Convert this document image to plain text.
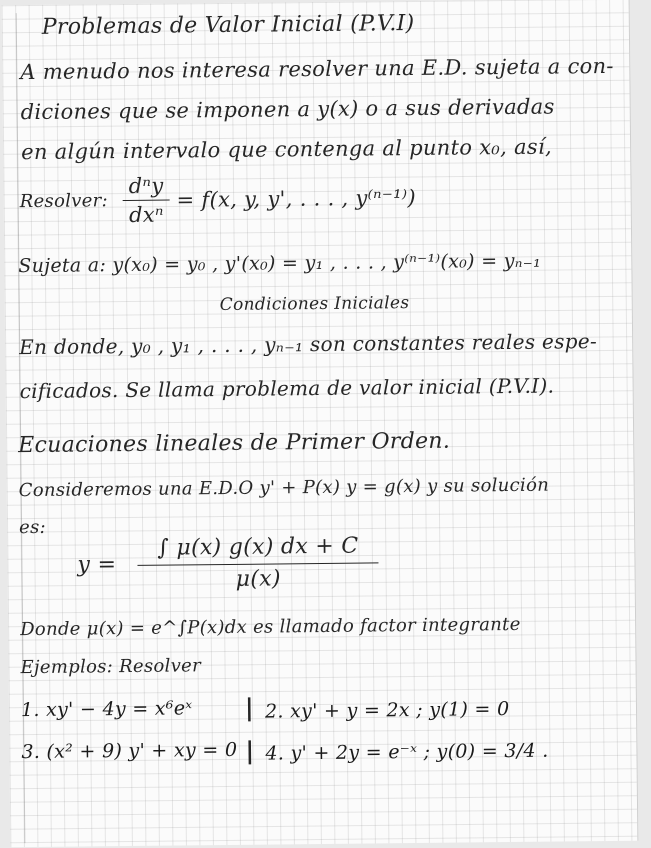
Problemas de Valor Inicial (P.V.I)
A menudo nos interesa resolver una E.D. sujeta a con-
diciones que se imponen a y(x) o a sus derivadas
en algún intervalo que contenga al punto x₀, así,
Resolver: $\frac{\text{dⁿy}}{\text{dxⁿ}} = f(x$, y, y', . . . , y⁽ⁿ⁻¹⁾)
Sujeta a: y(x₀) = y₀ , y'(x₀) = y₁ , . . . , y⁽ⁿ⁻¹⁾(x₀) = yₙ₋₁
Condiciones Iniciales
En donde, y₀ , y₁ , . . . , yₙ₋₁ son constantes reales espe-
cificados. Se llama problema de valor inicial (P.V.I).
Ecuaciones lineales de Primer Orden.
Consideremos una E.D.O y' + P(x) y = g(x) y su solución
es:
$y = \frac{\int \mu(x) g(x) dx + C}{\mu(x)}$
Donde μ(x) = e^∫P(x)dx es llamado factor integrante
Ejemplos: Resolver
1. xy' − 4y = x⁶eˣ | 2. xy' + y = 2x ; y(1) = 0
3. (x² + 9) y' + xy = 0 | 4. y' + 2y = e⁻ˣ ; y(0) = 3/4 .
